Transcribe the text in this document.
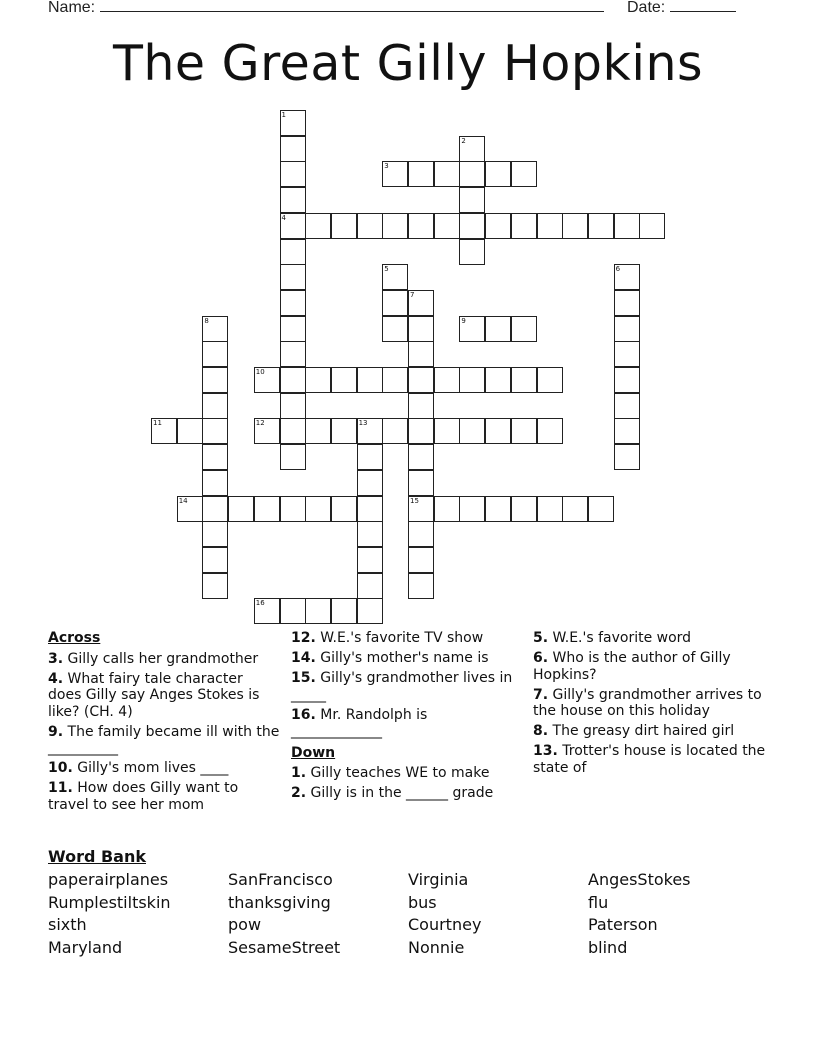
Name:	Date:
The Great Gilly Hopkins
1
2
3
4
5	6
7
8	9
10
11	12	13
14	15
16
Across
3. Gilly calls her grandmother
4. What fairy tale character does Gilly say Anges Stokes is like? (CH. 4)
9. The family became ill with the __________
10. Gilly's mom lives ____
11. How does Gilly want to travel to see her mom
12. W.E.'s favorite TV show
14. Gilly's mother's name is
15. Gilly's grandmother lives in _____
16. Mr. Randolph is _____________
Down
1. Gilly teaches WE to make
2. Gilly is in the ______ grade
5. W.E.'s favorite word
6. Who is the author of Gilly Hopkins?
7. Gilly's grandmother arrives to the house on this holiday
8. The greasy dirt haired girl
13. Trotter's house is located the state of
Word Bank
paperairplanes	SanFrancisco	Virginia	AngesStokes
Rumplestiltskin	thanksgiving	bus	flu
sixth	pow	Courtney	Paterson
Maryland	SesameStreet	Nonnie	blind
